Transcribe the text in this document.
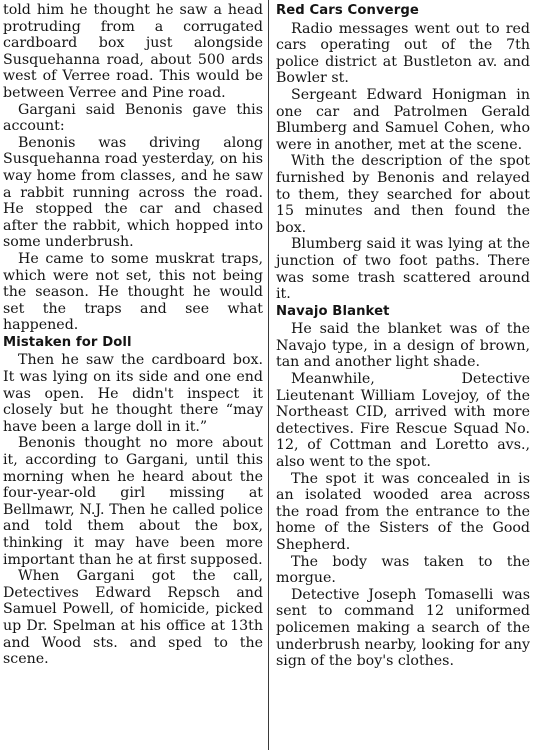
told him he thought he saw a head protruding from a corrugated cardboard box just alongside Susquehanna road, about 500 ards west of Verree road. This would be between Verree and Pine road.

Gargani said Benonis gave this account:

Benonis was driving along Susquehanna road yesterday, on his way home from classes, and he saw a rabbit running across the road. He stopped the car and chased after the rabbit, which hopped into some underbrush.

He came to some muskrat traps, which were not set, this not being the season. He thought he would set the traps and see what happened.

Mistaken for Doll

Then he saw the cardboard box. It was lying on its side and one end was open. He didn't inspect it closely but he thought there “may have been a large doll in it.”

Benonis thought no more about it, according to Gargani, until this morning when he heard about the four-year-old girl missing at Bellmawr, N.J. Then he called police and told them about the box, thinking it may have been more important than he at first supposed.

When Gargani got the call, Detectives Edward Repsch and Samuel Powell, of homicide, picked up Dr. Spelman at his office at 13th and Wood sts. and sped to the scene.

Red Cars Converge

Radio messages went out to red cars operating out of the 7th police district at Bustleton av. and Bowler st.

Sergeant Edward Honigman in one car and Patrolmen Gerald Blumberg and Samuel Cohen, who were in another, met at the scene.

With the description of the spot furnished by Benonis and relayed to them, they searched for about 15 minutes and then found the box.

Blumberg said it was lying at the junction of two foot paths. There was some trash scattered around it.

Navajo Blanket

He said the blanket was of the Navajo type, in a design of brown, tan and another light shade.

Meanwhile, Detective Lieutenant William Lovejoy, of the Northeast CID, arrived with more detectives. Fire Rescue Squad No. 12, of Cottman and Loretto avs., also went to the spot.

The spot it was concealed in is an isolated wooded area across the road from the entrance to the home of the Sisters of the Good Shepherd.

The body was taken to the morgue.

Detective Joseph Tomaselli was sent to command 12 uniformed policemen making a search of the underbrush nearby, looking for any sign of the boy's clothes.
